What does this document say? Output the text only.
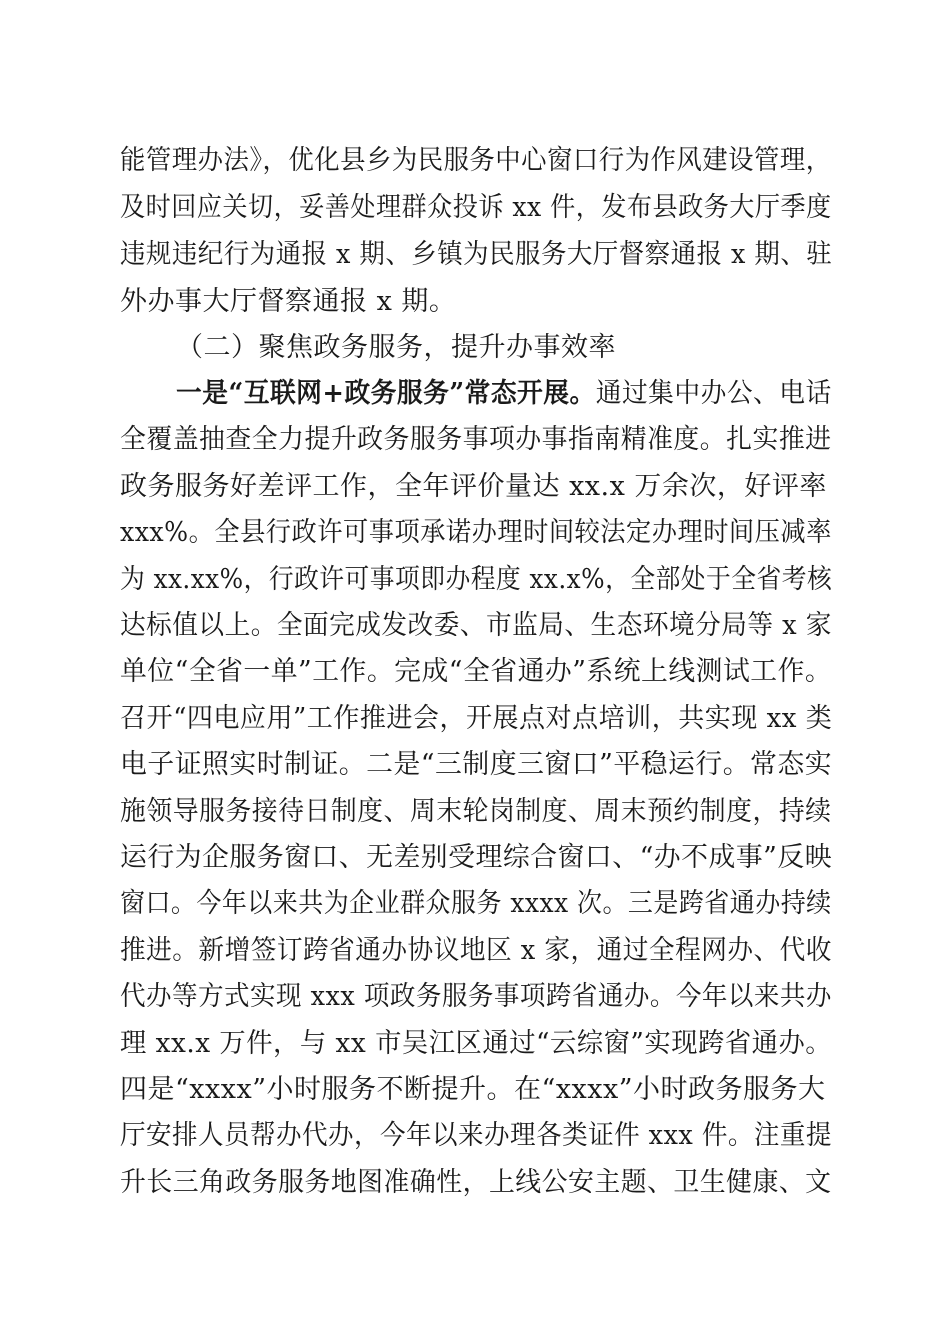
能管理办法》，优化县乡为民服务中心窗口行为作风建设管理，
及时回应关切，妥善处理群众投诉 xx 件，发布县政务大厅季度
违规违纪行为通报 x 期、乡镇为民服务大厅督察通报 x 期、驻
外办事大厅督察通报 x 期。
（二）聚焦政务服务，提升办事效率
一是“互联网+政务服务”常态开展。通过集中办公、电话
全覆盖抽查全力提升政务服务事项办事指南精准度。扎实推进
政务服务好差评工作，全年评价量达 xx.x 万余次，好评率
xxx%。全县行政许可事项承诺办理时间较法定办理时间压减率
为 xx.xx%，行政许可事项即办程度 xx.x%，全部处于全省考核
达标值以上。全面完成发改委、市监局、生态环境分局等 x 家
单位“全省一单”工作。完成“全省通办”系统上线测试工作。
召开“四电应用”工作推进会，开展点对点培训，共实现 xx 类
电子证照实时制证。二是“三制度三窗口”平稳运行。常态实
施领导服务接待日制度、周末轮岗制度、周末预约制度，持续
运行为企服务窗口、无差别受理综合窗口、“办不成事”反映
窗口。今年以来共为企业群众服务 xxxx 次。三是跨省通办持续
推进。新增签订跨省通办协议地区 x 家，通过全程网办、代收
代办等方式实现 xxx 项政务服务事项跨省通办。今年以来共办
理 xx.x 万件，与 xx 市吴江区通过“云综窗”实现跨省通办。
四是“xxxx”小时服务不断提升。在“xxxx”小时政务服务大
厅安排人员帮办代办，今年以来办理各类证件 xxx 件。注重提
升长三角政务服务地图准确性，上线公安主题、卫生健康、文
